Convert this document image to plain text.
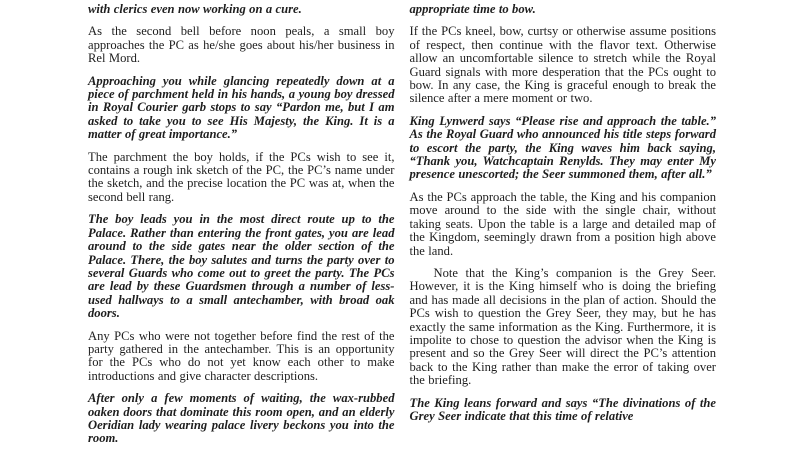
with clerics even now working on a cure.

As the second bell before noon peals, a small boy approaches the PC as he/she goes about his/her business in Rel Mord.

Approaching you while glancing repeatedly down at a piece of parchment held in his hands, a young boy dressed in Royal Courier garb stops to say “Pardon me, but I am asked to take you to see His Majesty, the King. It is a matter of great importance.”

The parchment the boy holds, if the PCs wish to see it, contains a rough ink sketch of the PC, the PC’s name under the sketch, and the precise location the PC was at, when the second bell rang.

The boy leads you in the most direct route up to the Palace. Rather than entering the front gates, you are lead around to the side gates near the older section of the Palace. There, the boy salutes and turns the party over to several Guards who come out to greet the party. The PCs are lead by these Guardsmen through a number of less-used hallways to a small antechamber, with broad oak doors.

Any PCs who were not together before find the rest of the party gathered in the antechamber. This is an opportunity for the PCs who do not yet know each other to make introductions and give character descriptions.

After only a few moments of waiting, the wax-rubbed oaken doors that dominate this room open, and an elderly Oeridian lady wearing palace livery beckons you into the room.

appropriate time to bow.

If the PCs kneel, bow, curtsy or otherwise assume positions of respect, then continue with the flavor text. Otherwise allow an uncomfortable silence to stretch while the Royal Guard signals with more desperation that the PCs ought to bow. In any case, the King is graceful enough to break the silence after a mere moment or two.

King Lynwerd says “Please rise and approach the table.” As the Royal Guard who announced his title steps forward to escort the party, the King waves him back saying, “Thank you, Watchcaptain Renylds. They may enter My presence unescorted; the Seer summoned them, after all.”

As the PCs approach the table, the King and his companion move around to the side with the single chair, without taking seats. Upon the table is a large and detailed map of the Kingdom, seemingly drawn from a position high above the land.

Note that the King’s companion is the Grey Seer. However, it is the King himself who is doing the briefing and has made all decisions in the plan of action. Should the PCs wish to question the Grey Seer, they may, but he has exactly the same information as the King. Furthermore, it is impolite to chose to question the advisor when the King is present and so the Grey Seer will direct the PC’s attention back to the King rather than make the error of taking over the briefing.

The King leans forward and says “The divinations of the Grey Seer indicate that this time of relative
